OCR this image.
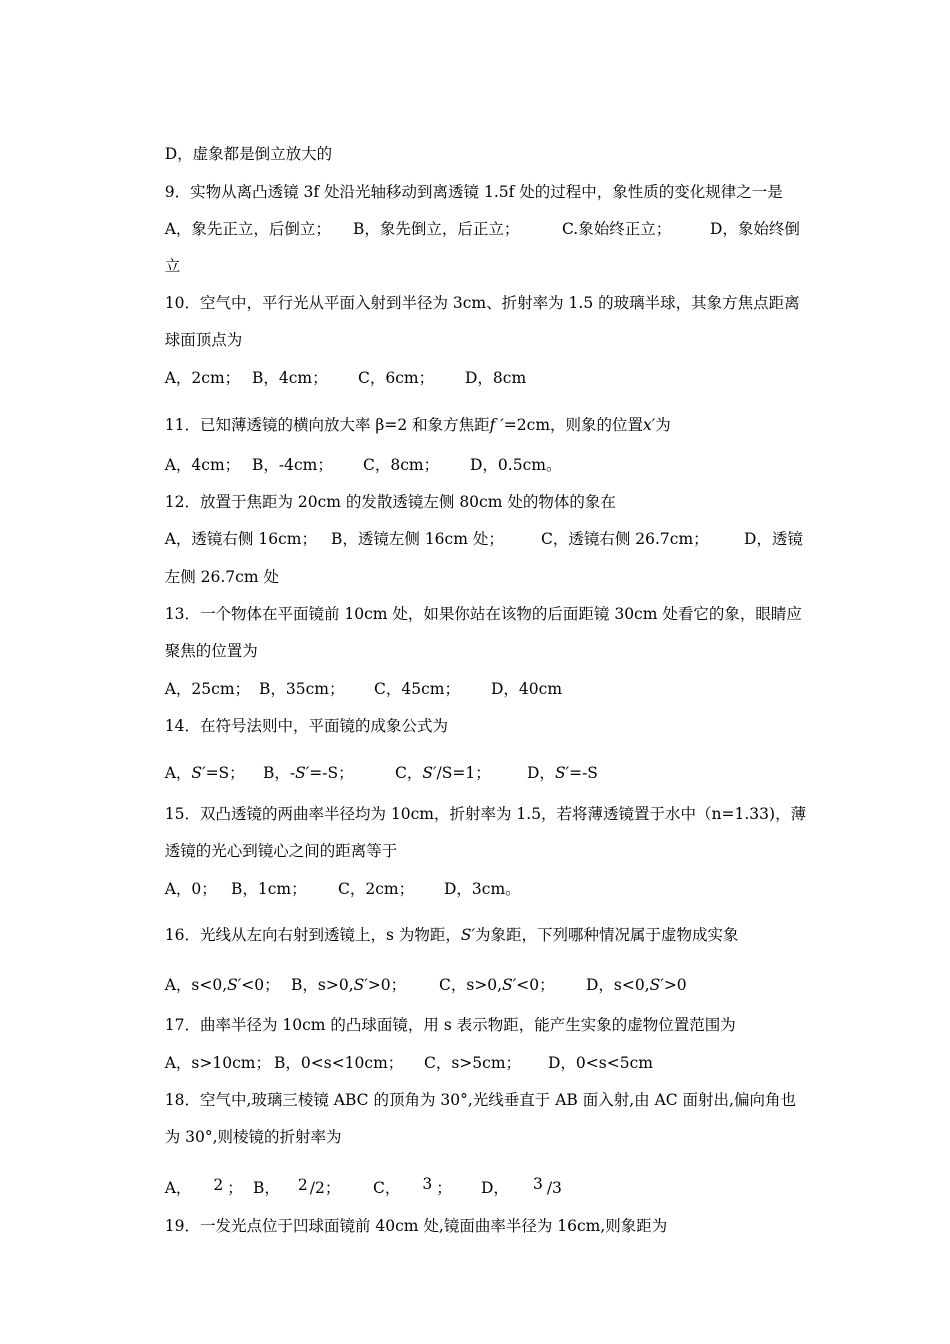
D，虚象都是倒立放大的

9．实物从离凸透镜 3f 处沿光轴移动到离透镜 1.5f 处的过程中，象性质的变化规律之一是

A，象先正立，后倒立； B，象先倒立，后正立；	C.象始终正立；	D，象始终倒

立

10．空气中，平行光从平面入射到半径为 3cm、折射率为 1.5 的玻璃半球，其象方焦点距离

球面顶点为

A，2cm； B，4cm； C，6cm； D，8cm

11．已知薄透镜的横向放大率 β=2 和象方焦距f ′=2cm，则象的位置x′为

A，4cm； B，-4cm； C，8cm； D，0.5cm。

12．放置于焦距为 20cm 的发散透镜左侧 80cm 处的物体的象在

A，透镜右侧 16cm； B，透镜左侧 16cm 处； C，透镜右侧 26.7cm； D，透镜

左侧 26.7cm 处

13．一个物体在平面镜前 10cm 处，如果你站在该物的后面距镜 30cm 处看它的象，眼睛应

聚焦的位置为

A，25cm； B，35cm； C，45cm； D，40cm

14．在符号法则中，平面镜的成象公式为

A，S′=S； B，-S′=-S；	C，S′/S=1； D，S′=-S

15．双凸透镜的两曲率半径均为 10cm，折射率为 1.5，若将薄透镜置于水中（n=1.33)，薄

透镜的光心到镜心之间的距离等于

A，0； B，1cm； C，2cm； D，3cm。

16．光线从左向右射到透镜上，s 为物距，S′为象距，下列哪种情况属于虚物成实象

A，s<0,S′<0； B，s>0,S′>0； C，s>0,S′<0； D，s<0,S′>0

17．曲率半径为 10cm 的凸球面镜，用 s 表示物距，能产生实象的虚物位置范围为

A，s>10cm； B，0<s<10cm； C，s>5cm； D，0<s<5cm

18．空气中,玻璃三棱镜 ABC 的顶角为 30°,光线垂直于 AB 面入射,由 AC 面射出,偏向角也

为 30°,则棱镜的折射率为

A， 2 ； B， 2 /2； C， 3 ； D， 3 /3

19．一发光点位于凹球面镜前 40cm 处,镜面曲率半径为 16cm,则象距为
